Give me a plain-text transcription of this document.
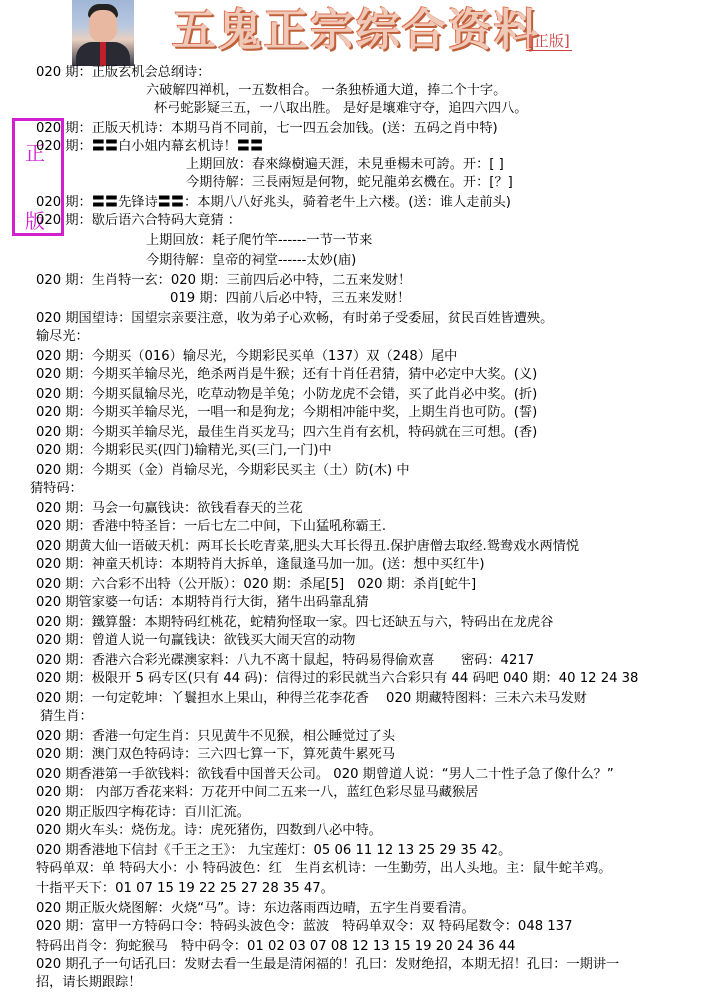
五鬼正宗综合资料
[ 正版 ]
正
版
020 期：正版玄机会总纲诗：
六破解四禅机，一五数相合。 一条独桥通大道，捧二个十字。
杯弓蛇影疑三五，一八取出胜。 是好是壤难守夺，追四六四八。
020 期：正版天机诗：本期马肖不同前，七一四五会加钱。(送：五码之肖中特)
020 期：〓〓白小姐内幕玄机诗！〓〓
上期回放：春來綠樹遍天涯，未見垂楊未可誇。开：[ ]
今期待解：三長兩短是何物，蛇兄龍弟玄機在。开：[？]
020 期：〓〓先锋诗〓〓：本期八八好兆头，骑着老牛上六楼。(送：谁人走前头)
020 期：歇后语六合特码大竟猜 ：
上期回放：耗子爬竹竿------一节一节来
今期待解：皇帝的祠堂------太妙(庙)
020 期：生肖特一玄：020 期：三前四后必中特，二五来发财！
019 期：四前八后必中特，三五来发财！
020 期国望诗：国望宗亲要注意，收为弟子心欢畅，有时弟子受委屈，贫民百姓皆遭殃。
输尽光：
020 期：今期买（016）输尽光，今期彩民买单（137）双（248）尾中
020 期：今期买羊输尽光，绝杀两肖是牛猴；还有十肖任君猜，猜中必定中大奖。(义)
020 期：今期买鼠输尽光，吃草动物是羊兔；小防龙虎不会错，买了此肖必中奖。(折)
020 期：今期买羊输尽光，一唱一和是狗龙；今期相冲能中奖，上期生肖也可防。(誓)
020 期：今期买羊输尽光，最佳生肖买龙马；四六生肖有玄机，特码就在三可想。(香)
020 期：今期彩民买(四门)输精光,买(三门,一门)中
020 期：今期买（金）肖输尽光，今期彩民买主（土）防(木) 中
猜特码：
020 期：马会一句赢钱诀：欲钱看春天的兰花
020 期：香港中特圣旨：一后七左二中间，下山猛吼称霸王.
020 期黄大仙一语破天机：两耳长长吃青菜,肥头大耳长得丑.保护唐僧去取经.鸳鸯戏水两情悦
020 期：神童天机诗：本期特肖大拆单，逢鼠逢马加一加。(送：想中买红牛)
020 期：六合彩不出特（公开版）：020 期：杀尾[5]　020 期：杀肖[蛇牛]
020 期管家婆一句话：本期特肖行大街，猪牛出码靠乱猜
020 期：鐵算盤：本期特码红桃花，蛇精狗怪取一家。四七还缺五与六，特码出在龙虎谷
020 期：曾道人说一句赢钱诀：欲钱买大闹天宫的动物
020 期：香港六合彩光碟澳家料：八九不离十鼠起，特码易得偷欢喜　　密码：4217
020 期：极限开 5 码专区(只有 44 码)：信得过的彩民就当六合彩只有 44 码吧 040 期：40 12 24 38
020 期：一句定乾坤：丫鬟担水上果山，种得兰花李花香　 020 期藏特图料：三未六未马发财
猜生肖：
020 期：香港一句定生肖：只见黄牛不见猴，相公睡觉过了头
020 期：澳门双色特码诗：三六四七算一下，算死黄牛累死马
020 期香港第一手欲钱料：欲钱看中国普天公司。 020 期曾道人说：“男人二十性子急了像什么？”
020 期： 内部万香花来料：万花开中间二五来一八，蓝红色彩尽显马藏猴居
020 期正版四字梅花诗：百川汇流。
020 期火车头：烧伤龙。诗：虎死猪伤，四数到八必中特。
020 期香港地下信封《千王之王》： 九宝莲灯：05 06 11 12 13 25 29 35 42。
特码单双：单 特码大小：小 特码波色：红　生肖玄机诗：一生勤劳，出人头地。主：鼠牛蛇羊鸡。
十指平天下：01 07 15 19 22 25 27 28 35 47。
020 期正版火烧图解：火烧“马”。诗：东边落雨西边晴，五字生肖要看清。
020 期：富甲一方特码口令：特码头波色令：蓝波　特码单双令：双 特码尾数令：048 137
特码出肖令：狗蛇猴马　特中码令：01 02 03 07 08 12 13 15 19 20 24 36 44
020 期孔子一句话孔曰：发财去看一生最是清闲福的！孔曰：发财绝招，本期无招！孔曰：一期讲一
招，请长期跟踪！
